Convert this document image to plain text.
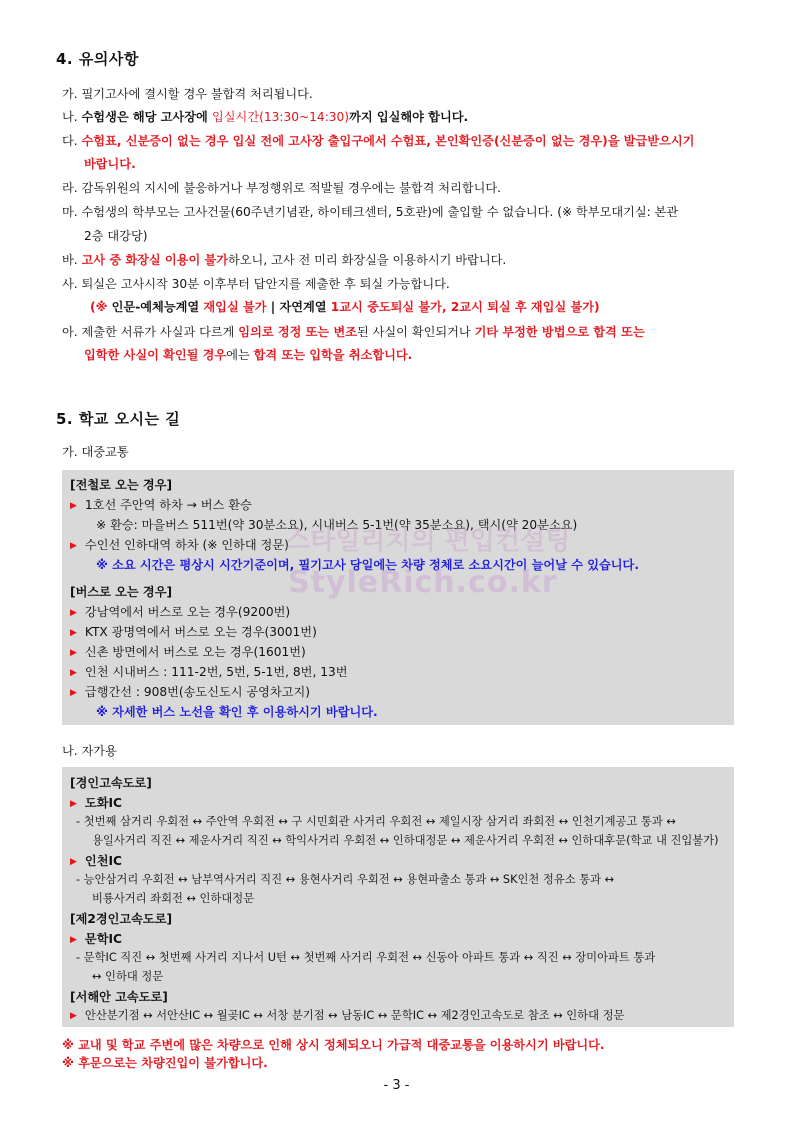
4. 유의사항
가. 필기고사에 결시할 경우 불합격 처리됩니다.
나. 수험생은 해당 고사장에 입실시간(13:30~14:30)까지 입실해야 합니다.
다. 수험표, 신분증이 없는 경우 입실 전에 고사장 출입구에서 수험표, 본인확인증(신분증이 없는 경우)을 발급받으시기
바랍니다.
라. 감독위원의 지시에 불응하거나 부정행위로 적발될 경우에는 불합격 처리합니다.
마. 수험생의 학부모는 고사건물(60주년기념관, 하이테크센터, 5호관)에 출입할 수 없습니다. (※ 학부모대기실: 본관
2층 대강당)
바. 고사 중 화장실 이용이 불가하오니, 고사 전 미리 화장실을 이용하시기 바랍니다.
사. 퇴실은 고사시작 30분 이후부터 답안지를 제출한 후 퇴실 가능합니다.
(※ 인문-예체능계열 재입실 불가 | 자연계열 1교시 중도퇴실 불가, 2교시 퇴실 후 재입실 불가)
아. 제출한 서류가 사실과 다르게 임의로 정정 또는 변조된 사실이 확인되거나 기타 부정한 방법으로 합격 또는
입학한 사실이 확인될 경우에는 합격 또는 입학을 취소합니다.
5. 학교 오시는 길
가. 대중교통
[전철로 오는 경우]
▶ 1호선 주안역 하차 → 버스 환승
※ 환승: 마을버스 511번(약 30분소요), 시내버스 5-1번(약 35분소요), 택시(약 20분소요)
▶ 수인선 인하대역 하차 (※ 인하대 정문)
※ 소요 시간은 평상시 시간기준이며, 필기고사 당일에는 차량 정체로 소요시간이 늘어날 수 있습니다.
[버스로 오는 경우]
▶ 강남역에서 버스로 오는 경우(9200번)
▶ KTX 광명역에서 버스로 오는 경우(3001번)
▶ 신촌 방면에서 버스로 오는 경우(1601번)
▶ 인천 시내버스 : 111-2번, 5번, 5-1번, 8번, 13번
▶ 급행간선 : 908번(송도신도시 공영차고지)
※ 자세한 버스 노선을 확인 후 이용하시기 바랍니다.
스타일리치의 편입컨설팅
StyleRich.co.kr
나. 자가용
[경인고속도로]
▶ 도화IC
- 첫번째 삼거리 우회전 ↔ 주안역 우회전 ↔ 구 시민회관 사거리 우회전 ↔ 제일시장 삼거리 좌회전 ↔ 인천기계공고 통과 ↔
용일사거리 직진 ↔ 제운사거리 직진 ↔ 학익사거리 우회전 ↔ 인하대정문 ↔ 제운사거리 우회전 ↔ 인하대후문(학교 내 진입불가)
▶ 인천IC
- 능안삼거리 우회전 ↔ 남부역사거리 직진 ↔ 용현사거리 우회전 ↔ 용현파출소 통과 ↔ SK인천 정유소 통과 ↔
비룡사거리 좌회전 ↔ 인하대정문
[제2경인고속도로]
▶ 문학IC
- 문학IC 직진 ↔ 첫번째 사거리 지나서 U턴 ↔ 첫번째 사거리 우회전 ↔ 신동아 아파트 통과 ↔ 직진 ↔ 장미아파트 통과
↔ 인하대 정문
[서해안 고속도로]
▶ 안산분기점 ↔ 서안산IC ↔ 월곶IC ↔ 서창 분기점 ↔ 남동IC ↔ 문학IC ↔ 제2경인고속도로 참조 ↔ 인하대 정문
※ 교내 및 학교 주변에 많은 차량으로 인해 상시 정체되오니 가급적 대중교통을 이용하시기 바랍니다.
※ 후문으로는 차량진입이 불가합니다.
- 3 -
